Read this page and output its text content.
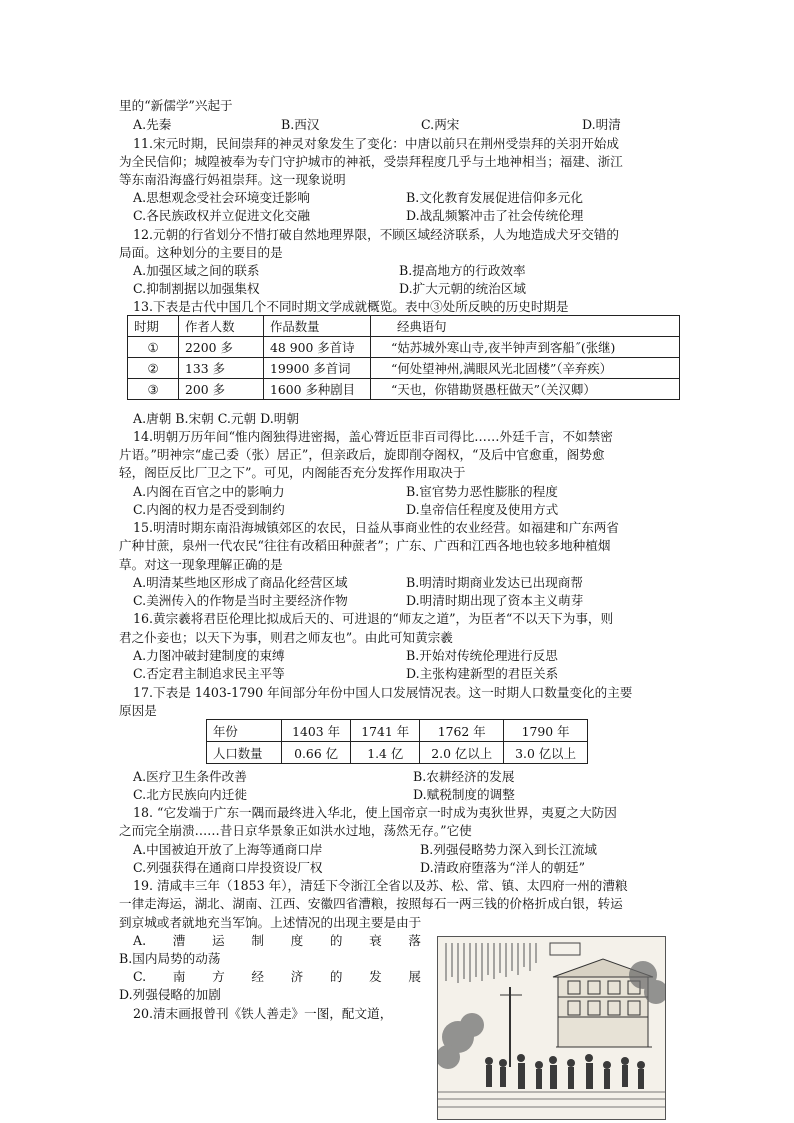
里的“新儒学”兴起于
A.先秦	B.西汉	C.两宋	D.明清
11.宋元时期，民间崇拜的神灵对象发生了变化：中唐以前只在荆州受崇拜的关羽开始成
为全民信仰；城隍被奉为专门守护城市的神祇，受崇拜程度几乎与土地神相当；福建、浙江
等东南沿海盛行妈祖崇拜。这一现象说明
A.思想观念受社会环境变迁影响	B.文化教育发展促进信仰多元化
C.各民族政权并立促进文化交融	D.战乱频繁冲击了社会传统伦理
12.元朝的行省划分不惜打破自然地理界限，不顾区域经济联系，人为地造成犬牙交错的
局面。这种划分的主要目的是
A.加强区域之间的联系	B.提高地方的行政效率
C.抑制割据以加强集权	D.扩大元朝的统治区域
13.下表是古代中国几个不同时期文学成就概览。表中③处所反映的历史时期是
时期	作者人数	作品数量	经典语句
①	2200 多	48 900 多首诗	“姑苏城外寒山寺,夜半钟声到客船˝(张继)
②	133 多	19900 多首词	“何处望神州,满眼风光北固楼”（辛弃疾）
③	200 多	1600 多种剧目	“天也，你错勘贤愚枉做天”（关汉卿）
A.唐朝 B.宋朝 C.元朝 D.明朝
14.明朝万历年间“惟内阁独得进密揭，盖心膂近臣非百司得比……外廷千言，不如禁密
片语。”明神宗“虚己委（张）居正”，但亲政后，旋即削夺阁权，“及后中官愈重，阁势愈
轻，阁臣反比厂卫之下”。可见，内阁能否充分发挥作用取决于
A.内阁在百官之中的影响力	B.宦官势力恶性膨胀的程度
C.内阁的权力是否受到制约	D.皇帝信任程度及使用方式
15.明清时期东南沿海城镇郊区的农民，日益从事商业性的农业经营。如福建和广东两省
广种甘蔗，泉州一代农民“往往有改稻田种蔗者”；广东、广西和江西各地也较多地种植烟
草。对这一现象理解正确的是
A.明清某些地区形成了商品化经营区域	B.明清时期商业发达已出现商帮
C.美洲传入的作物是当时主要经济作物	D.明清时期出现了资本主义萌芽
16.黄宗羲将君臣伦理比拟成后天的、可进退的“师友之道”，为臣者“不以天下为事，则
君之仆妾也；以天下为事，则君之师友也”。由此可知黄宗羲
A.力图冲破封建制度的束缚	B.开始对传统伦理进行反思
C.否定君主制追求民主平等	D.主张构建新型的君臣关系
17.下表是 1403-1790 年间部分年份中国人口发展情况表。这一时期人口数量变化的主要
原因是
年份	1403 年	1741 年	1762 年	1790 年
人口数量	0.66 亿	1.4 亿	2.0 亿以上	3.0 亿以上
A.医疗卫生条件改善	B.农耕经济的发展
C.北方民族向内迁徙	D.赋税制度的调整
18. “它发端于广东一隅而最终进入华北，使上国帝京一时成为夷狄世界，夷夏之大防因
之而完全崩溃……昔日京华景象正如洪水过地，荡然无存。”它使
A.中国被迫开放了上海等通商口岸	B.列强侵略势力深入到长江流域
C.列强获得在通商口岸投资设厂权	D.清政府堕落为“洋人的朝廷”
19. 清咸丰三年（1853 年），清廷下令浙江全省以及苏、松、常、镇、太四府一州的漕粮
一律走海运，湖北、湖南、江西、安徽四省漕粮，按照每石一两三钱的价格折成白银，转运
到京城或者就地充当军饷。上述情况的出现主要是由于
A. 漕 运 制 度 的 衰 落
B.国内局势的动荡
C. 南 方 经 济 的 发 展
D.列强侵略的加剧
20.清末画报曾刊《铁人善走》一图，配文道，
